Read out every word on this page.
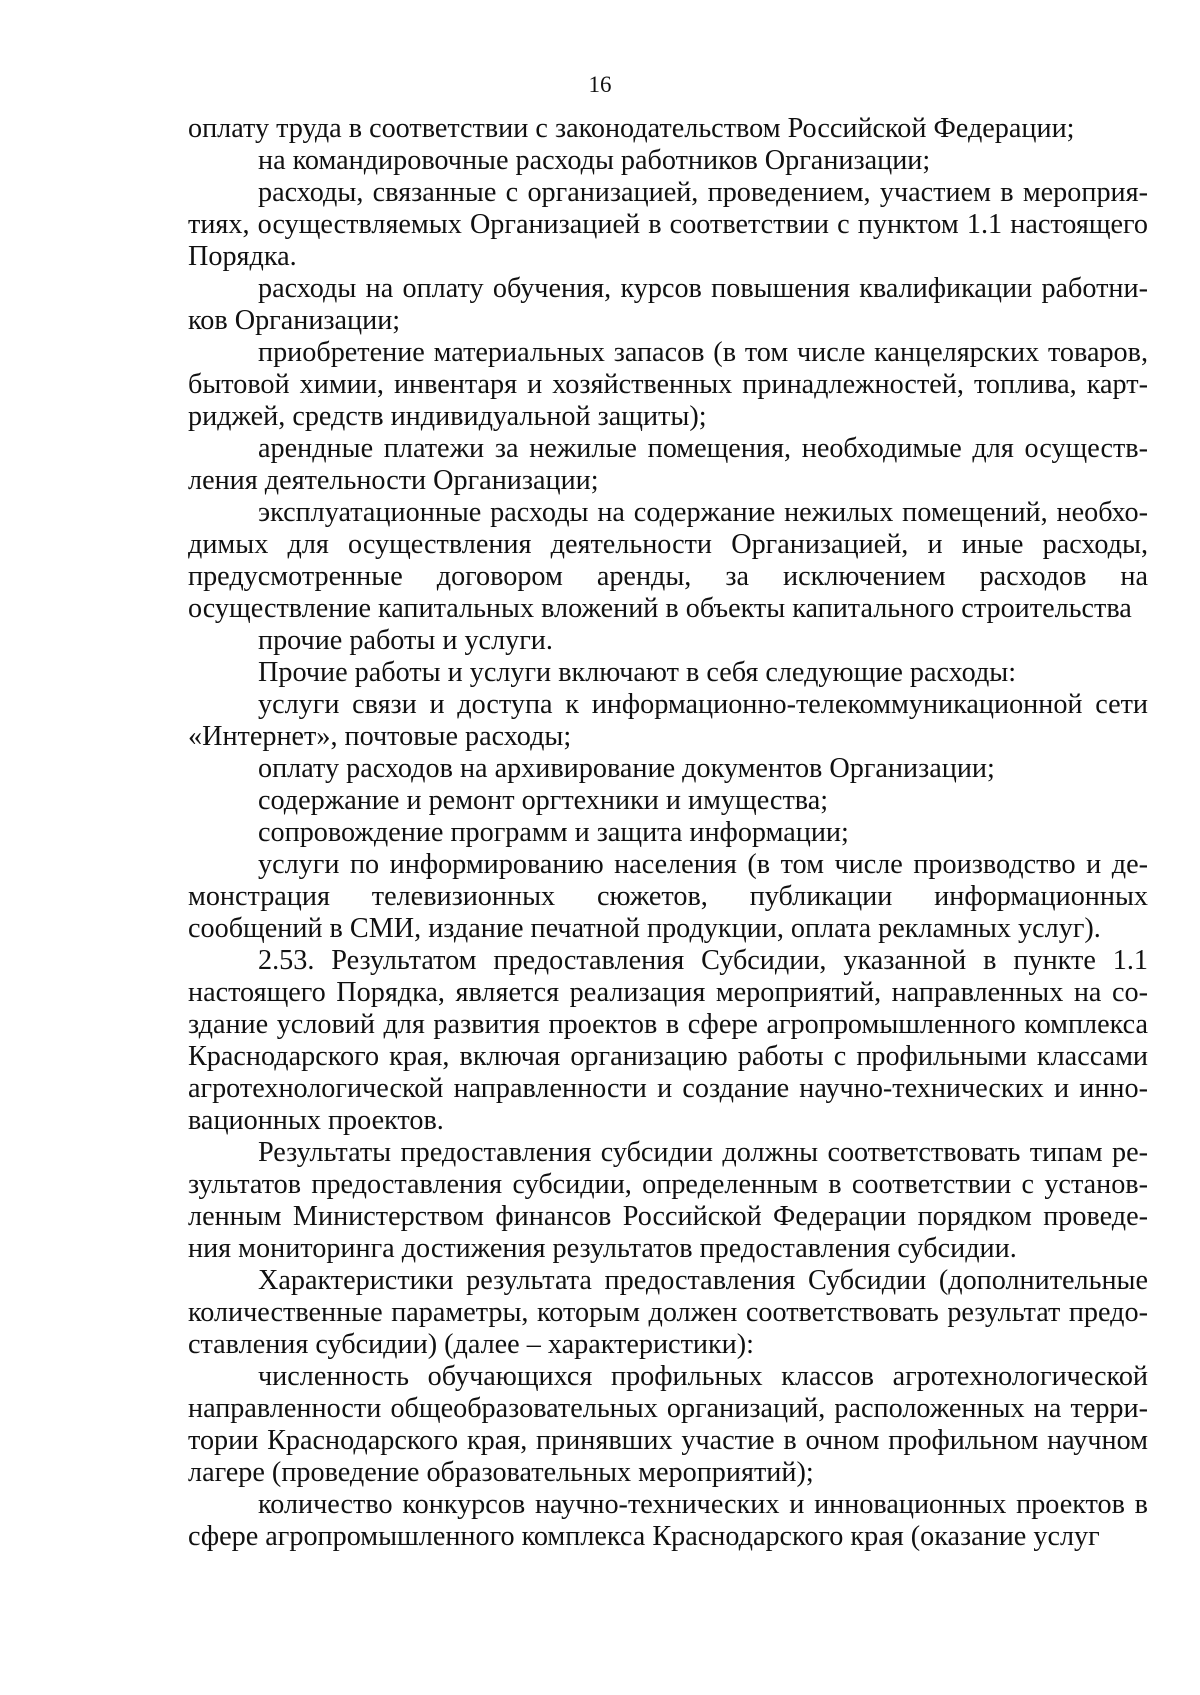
16

оплату труда в соответствии с законодательством Российской Федерации;

на командировочные расходы работников Организации;

расходы, связанные с организацией, проведением, участием в мероприятиях, осуществляемых Организацией в соответствии с пунктом 1.1 настоящего Порядка.

расходы на оплату обучения, курсов повышения квалификации работников Организации;

приобретение материальных запасов (в том числе канцелярских товаров, бытовой химии, инвентаря и хозяйственных принадлежностей, топлива, картриджей, средств индивидуальной защиты);

арендные платежи за нежилые помещения, необходимые для осуществления деятельности Организации;

эксплуатационные расходы на содержание нежилых помещений, необходимых для осуществления деятельности Организацией, и иные расходы, предусмотренные договором аренды, за исключением расходов на осуществление капитальных вложений в объекты капитального строительства

прочие работы и услуги.

Прочие работы и услуги включают в себя следующие расходы:

услуги связи и доступа к информационно-телекоммуникационной сети «Интернет», почтовые расходы;

оплату расходов на архивирование документов Организации;

содержание и ремонт оргтехники и имущества;

сопровождение программ и защита информации;

услуги по информированию населения (в том числе производство и демонстрация телевизионных сюжетов, публикации информационных сообщений в СМИ, издание печатной продукции, оплата рекламных услуг).

2.53. Результатом предоставления Субсидии, указанной в пункте 1.1 настоящего Порядка, является реализация мероприятий, направленных на создание условий для развития проектов в сфере агропромышленного комплекса Краснодарского края, включая организацию работы с профильными классами агротехнологической направленности и создание научно-технических и инновационных проектов.

Результаты предоставления субсидии должны соответствовать типам результатов предоставления субсидии, определенным в соответствии с установленным Министерством финансов Российской Федерации порядком проведения мониторинга достижения результатов предоставления субсидии.

Характеристики результата предоставления Субсидии (дополнительные количественные параметры, которым должен соответствовать результат предоставления субсидии) (далее – характеристики):

численность обучающихся профильных классов агротехнологической направленности общеобразовательных организаций, расположенных на территории Краснодарского края, принявших участие в очном профильном научном лагере (проведение образовательных мероприятий);

количество конкурсов научно-технических и инновационных проектов в сфере агропромышленного комплекса Краснодарского края (оказание услуг
